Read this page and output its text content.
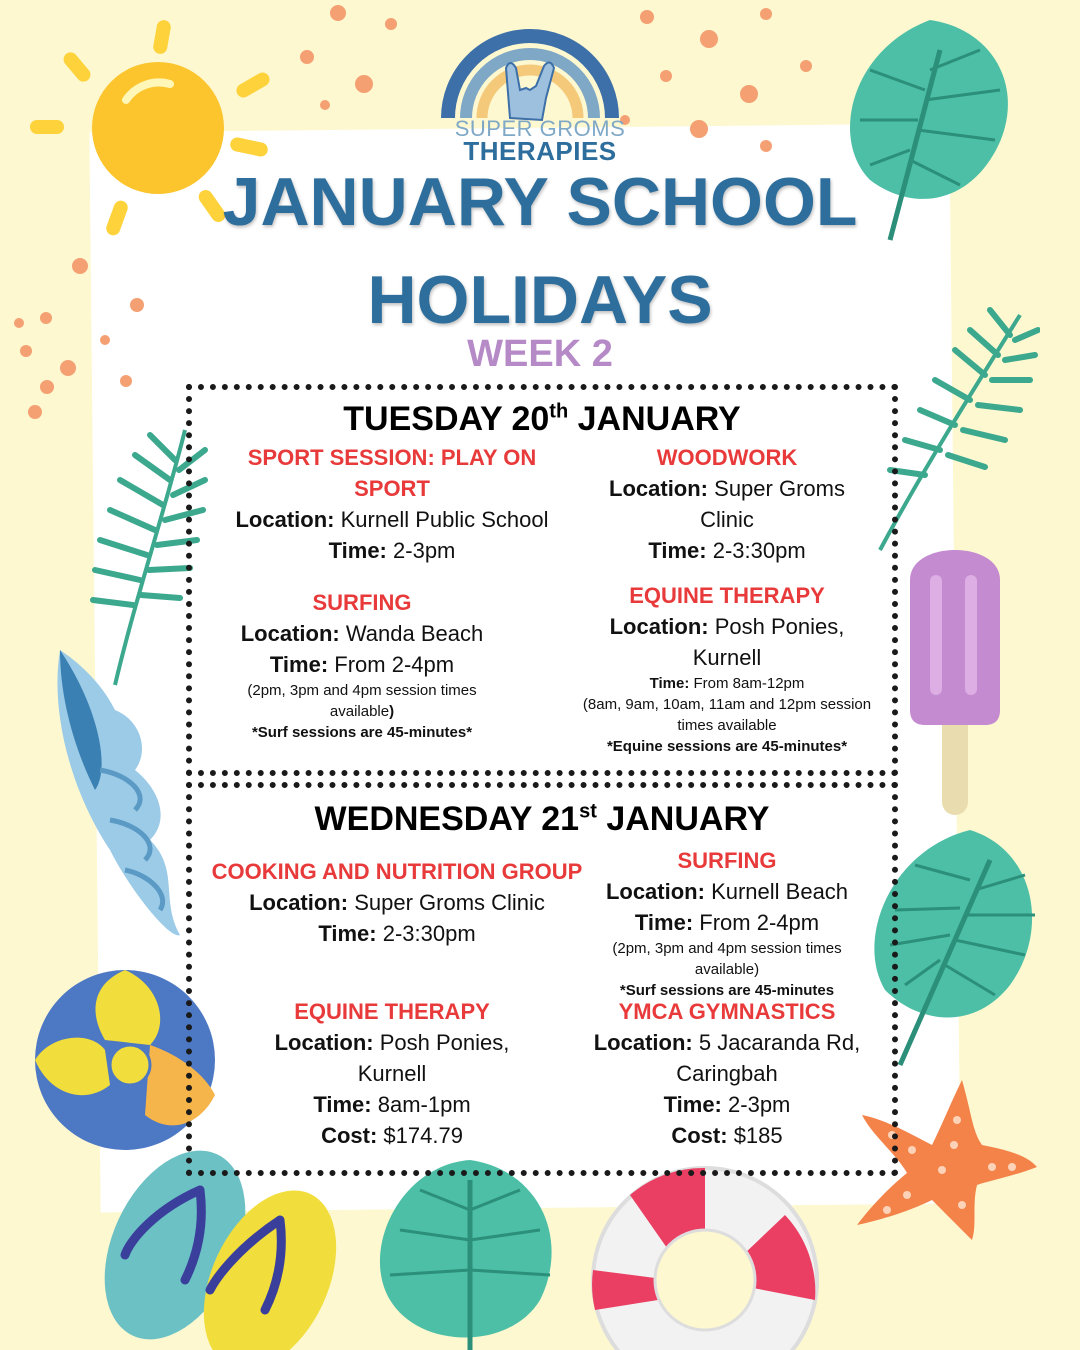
SUPER GROMS
THERAPIES
JANUARY SCHOOL
HOLIDAYS
WEEK 2
TUESDAY 20th JANUARY
SPORT SESSION: PLAY ON SPORT
Location: Kurnell Public School
Time: 2-3pm
WOODWORK
Location: Super Groms Clinic
Time: 2-3:30pm
SURFING
Location: Wanda Beach
Time: From 2-4pm
(2pm, 3pm and 4pm session times available)
*Surf sessions are 45-minutes*
EQUINE THERAPY
Location: Posh Ponies, Kurnell
Time: From 8am-12pm
(8am, 9am, 10am, 11am and 12pm session times available
*Equine sessions are 45-minutes*
WEDNESDAY 21st JANUARY
COOKING AND NUTRITION GROUP
Location: Super Groms Clinic
Time: 2-3:30pm
SURFING
Location: Kurnell Beach
Time: From 2-4pm
(2pm, 3pm and 4pm session times available)
*Surf sessions are 45-minutes
EQUINE THERAPY
Location: Posh Ponies, Kurnell
Time: 8am-1pm
Cost: $174.79
YMCA GYMNASTICS
Location: 5 Jacaranda Rd, Caringbah
Time: 2-3pm
Cost: $185
